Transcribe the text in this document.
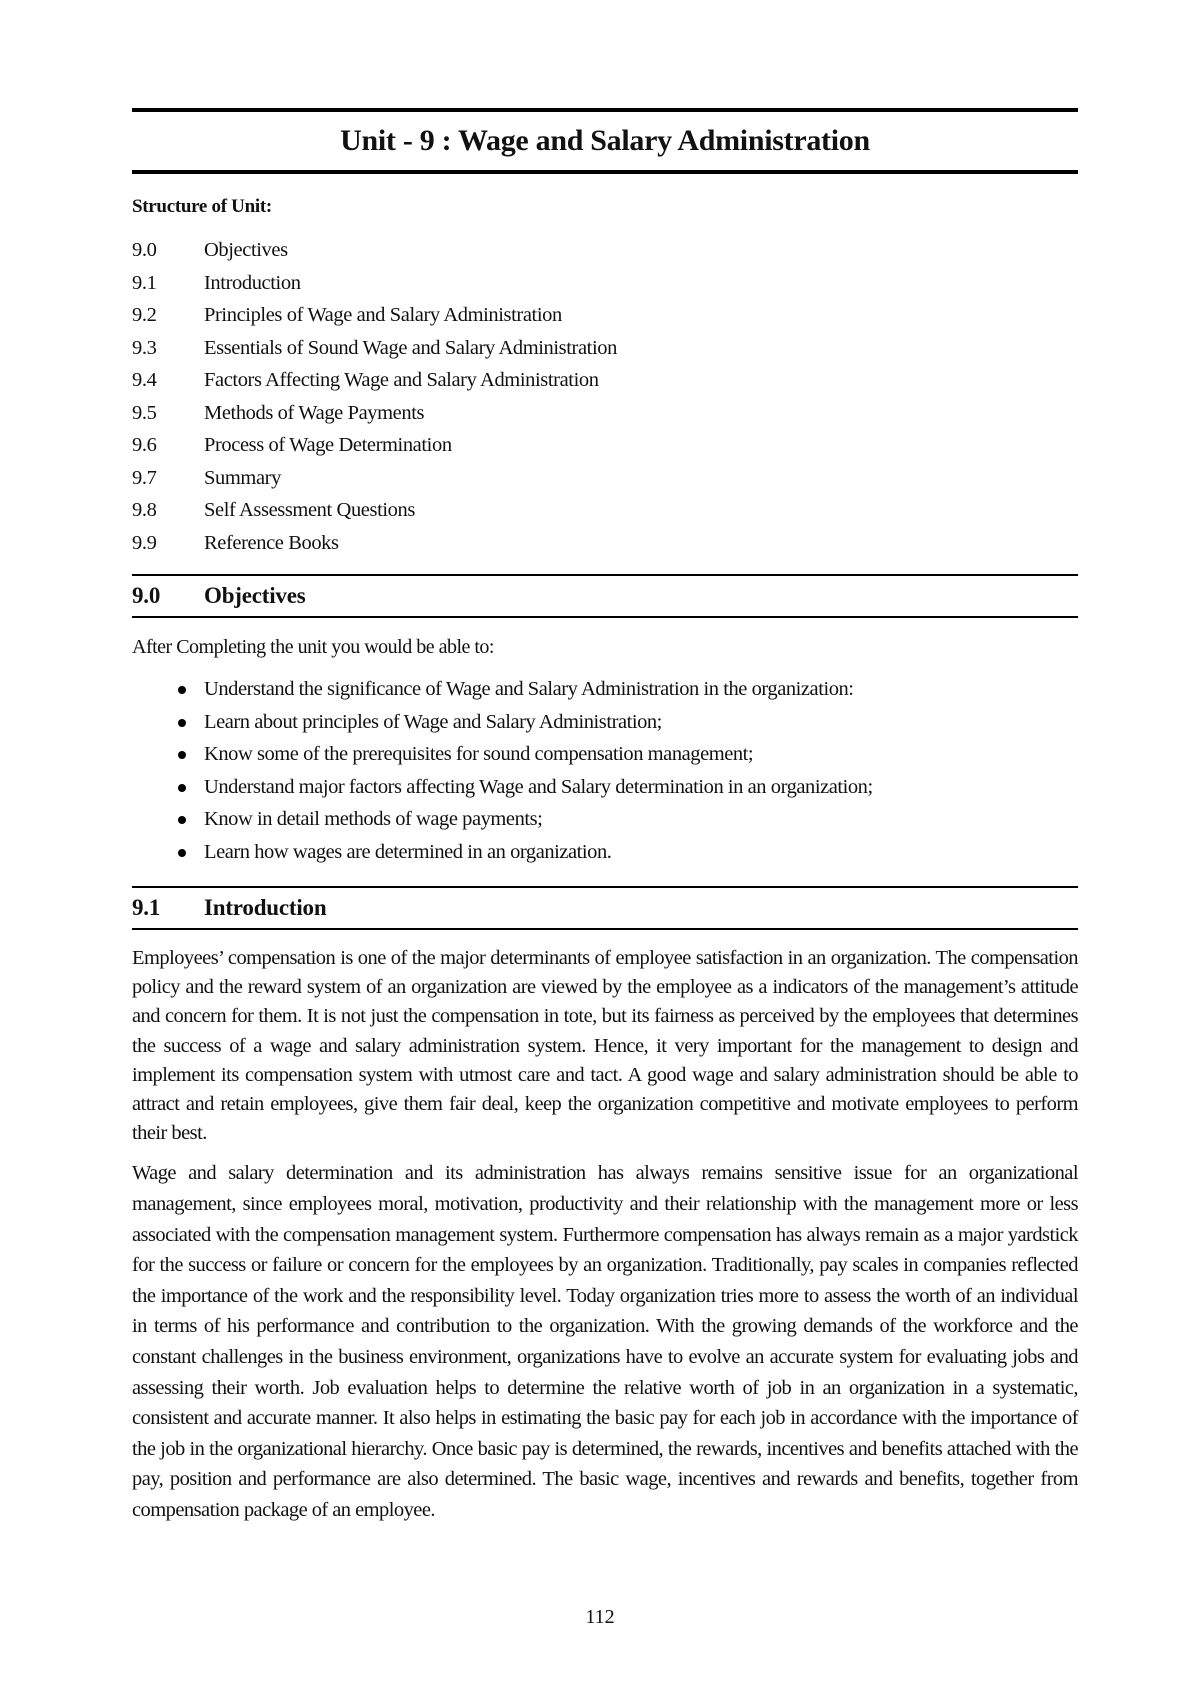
Unit - 9 : Wage and Salary Administration
Structure of Unit:
9.0	Objectives
9.1	Introduction
9.2	Principles of Wage and Salary Administration
9.3	Essentials of Sound Wage and Salary Administration
9.4	Factors Affecting Wage and Salary Administration
9.5	Methods of Wage Payments
9.6	Process of Wage Determination
9.7	Summary
9.8	Self Assessment Questions
9.9	Reference Books
9.0	Objectives
After Completing the unit you would be able to:
Understand the significance of Wage and Salary Administration in the organization:
Learn about principles of Wage and Salary Administration;
Know some of the prerequisites for sound compensation management;
Understand major factors affecting Wage and Salary determination in an organization;
Know in detail methods of wage payments;
Learn how wages are determined in an organization.
9.1	Introduction

Employees’ compensation is one of the major determinants of employee satisfaction in an organization. The compensation policy and the reward system of an organization are viewed by the employee as a indicators of the management’s attitude and concern for them. It is not just the compensation in tote, but its fairness as perceived by the employees that determines the success of a wage and salary administration system. Hence, it very important for the management to design and implement its compensation system with utmost care and tact. A good wage and salary administration should be able to attract and retain employees, give them fair deal, keep the organization competitive and motivate employees to perform their best.

Wage and salary determination and its administration has always remains sensitive issue for an organizational management, since employees moral, motivation, productivity and their relationship with the management more or less associated with the compensation management system. Furthermore compensation has always remain as a major yardstick for the success or failure or concern for the employees by an organization. Traditionally, pay scales in companies reflected the importance of the work and the responsibility level. Today organization tries more to assess the worth of an individual in terms of his performance and contribution to the organization. With the growing demands of the workforce and the constant challenges in the business environment, organizations have to evolve an accurate system for evaluating jobs and assessing their worth. Job evaluation helps to determine the relative worth of job in an organization in a systematic, consistent and accurate manner. It also helps in estimating the basic pay for each job in accordance with the importance of the job in the organizational hierarchy. Once basic pay is determined, the rewards, incentives and benefits attached with the pay, position and performance are also determined. The basic wage, incentives and rewards and benefits, together from compensation package of an employee.

112
